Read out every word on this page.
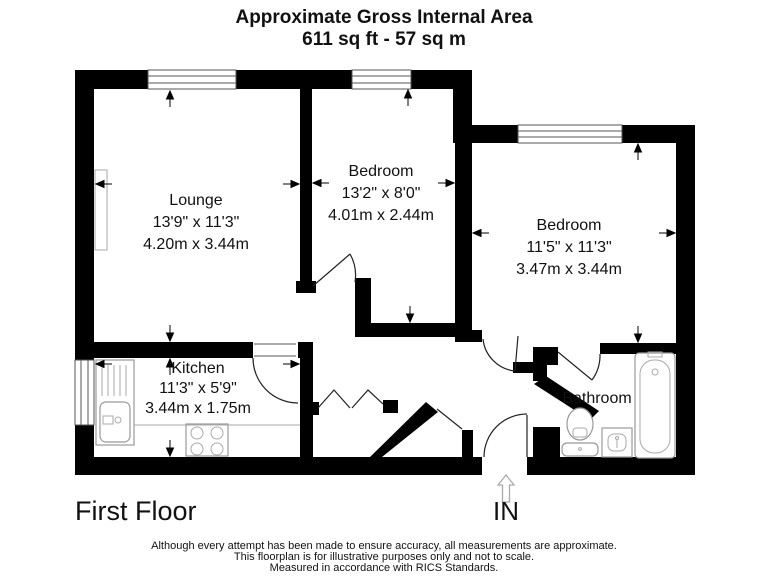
Approximate Gross Internal Area
611 sq ft - 57 sq m
Lounge
13'9" x 11'3"
4.20m x 3.44m
Bedroom
13'2" x 8'0"
4.01m x 2.44m
Bedroom
11'5" x 11'3"
3.47m x 3.44m
Kitchen
11'3" x 5'9"
3.44m x 1.75m
Bathroom
First Floor	IN
Although every attempt has been made to ensure accuracy, all measurements are approximate.
This floorplan is for illustrative purposes only and not to scale.
Measured in accordance with RICS Standards.
